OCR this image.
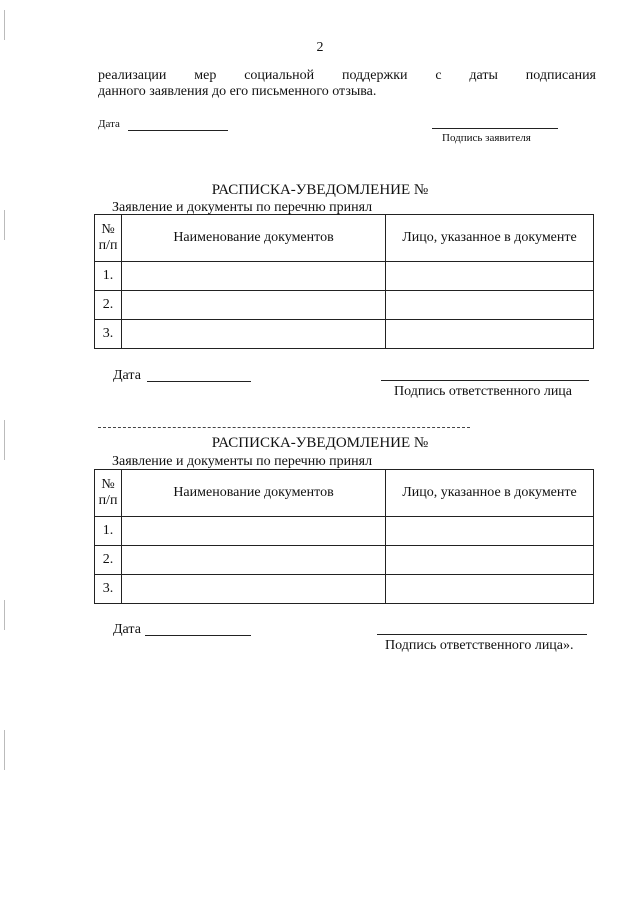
2
реализации мер социальной поддержки с даты подписания
данного заявления до его письменного отзыва.
Дата
Подпись заявителя
РАСПИСКА-УВЕДОМЛЕНИЕ №
Заявление и документы по перечню принял
№ п/п	Наименование документов	Лицо, указанное в документе
1.		
2.		
3.		
Дата
Подпись ответственного лица
РАСПИСКА-УВЕДОМЛЕНИЕ №
Заявление и документы по перечню принял
№ п/п	Наименование документов	Лицо, указанное в документе
1.		
2.		
3.		
Дата
Подпись ответственного лица».
